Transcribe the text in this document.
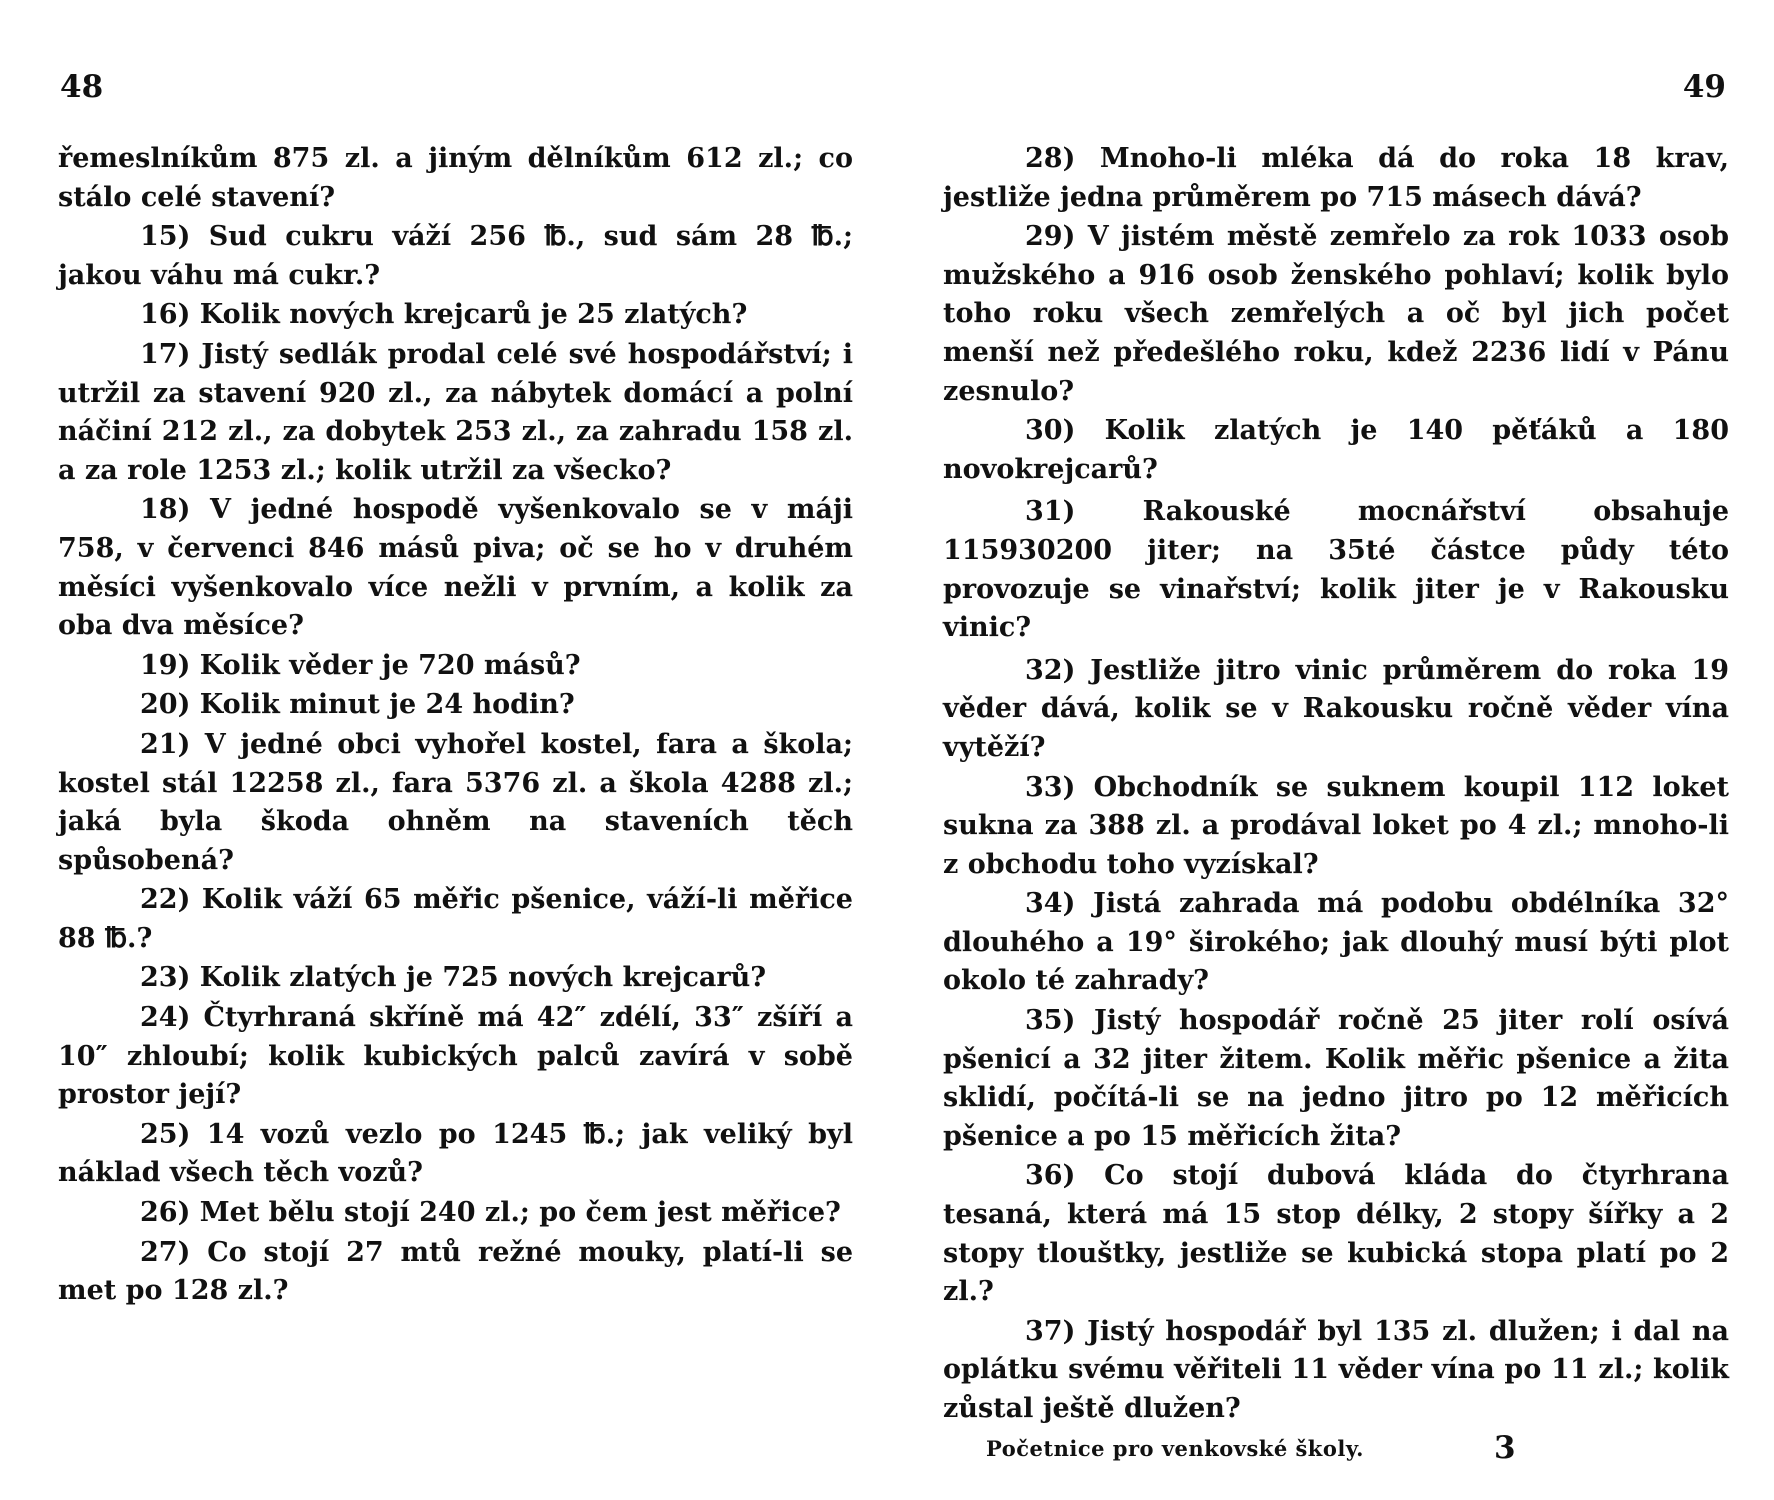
48

řemeslníkům 875 zl. a jiným dělníkům 612 zl.; co stálo celé stavení?

15) Sud cukru váží 256 ℔., sud sám 28 ℔.; jakou váhu má cukr.?

16) Kolik nových krejcarů je 25 zlatých?

17) Jistý sedlák prodal celé své hospodářství; i utržil za stavení 920 zl., za nábytek domácí a polní náčiní 212 zl., za dobytek 253 zl., za zahradu 158 zl. a za role 1253 zl.; kolik utržil za všecko?

18) V jedné hospodě vyšenkovalo se v máji 758, v červenci 846 másů piva; oč se ho v druhém měsíci vyšenkovalo více nežli v prvním, a kolik za oba dva měsíce?

19) Kolik věder je 720 másů?

20) Kolik minut je 24 hodin?

21) V jedné obci vyhořel kostel, fara a škola; kostel stál 12258 zl., fara 5376 zl. a škola 4288 zl.; jaká byla škoda ohněm na staveních těch spůsobená?

22) Kolik váží 65 měřic pšenice, váží-li měřice 88 ℔.?

23) Kolik zlatých je 725 nových krejcarů?

24) Čtyrhraná skříně má 42″ zdélí, 33″ zšíří a 10″ zhloubí; kolik kubických palců zavírá v sobě prostor její?

25) 14 vozů vezlo po 1245 ℔.; jak veliký byl náklad všech těch vozů?

26) Met bělu stojí 240 zl.; po čem jest měřice?

27) Co stojí 27 mtů režné mouky, platí-li se met po 128 zl.?

49

28) Mnoho-li mléka dá do roka 18 krav, jestliže jedna průměrem po 715 másech dává?

29) V jistém městě zemřelo za rok 1033 osob mužského a 916 osob ženského pohlaví; kolik bylo toho roku všech zemřelých a oč byl jich počet menší než předešlého roku, kdež 2236 lidí v Pánu zesnulo?

30) Kolik zlatých je 140 pěťáků a 180 novokrejcarů?

31) Rakouské mocnářství obsahuje 115930200 jiter; na 35té částce půdy této provozuje se vinařství; kolik jiter je v Rakousku vinic?

32) Jestliže jitro vinic průměrem do roka 19 věder dává, kolik se v Rakousku ročně věder vína vytěží?

33) Obchodník se suknem koupil 112 loket sukna za 388 zl. a prodával loket po 4 zl.; mnoho-li z obchodu toho vyzískal?

34) Jistá zahrada má podobu obdélníka 32° dlouhého a 19° širokého; jak dlouhý musí býti plot okolo té zahrady?

35) Jistý hospodář ročně 25 jiter rolí osívá pšenicí a 32 jiter žitem. Kolik měřic pšenice a žita sklidí, počítá-li se na jedno jitro po 12 měřicích pšenice a po 15 měřicích žita?

36) Co stojí dubová kláda do čtyrhrana tesaná, která má 15 stop délky, 2 stopy šířky a 2 stopy tlouštky, jestliže se kubická stopa platí po 2 zl.?

37) Jistý hospodář byl 135 zl. dlužen; i dal na oplátku svému věřiteli 11 věder vína po 11 zl.; kolik zůstal ještě dlužen?

Početnice pro venkovské školy.	3
